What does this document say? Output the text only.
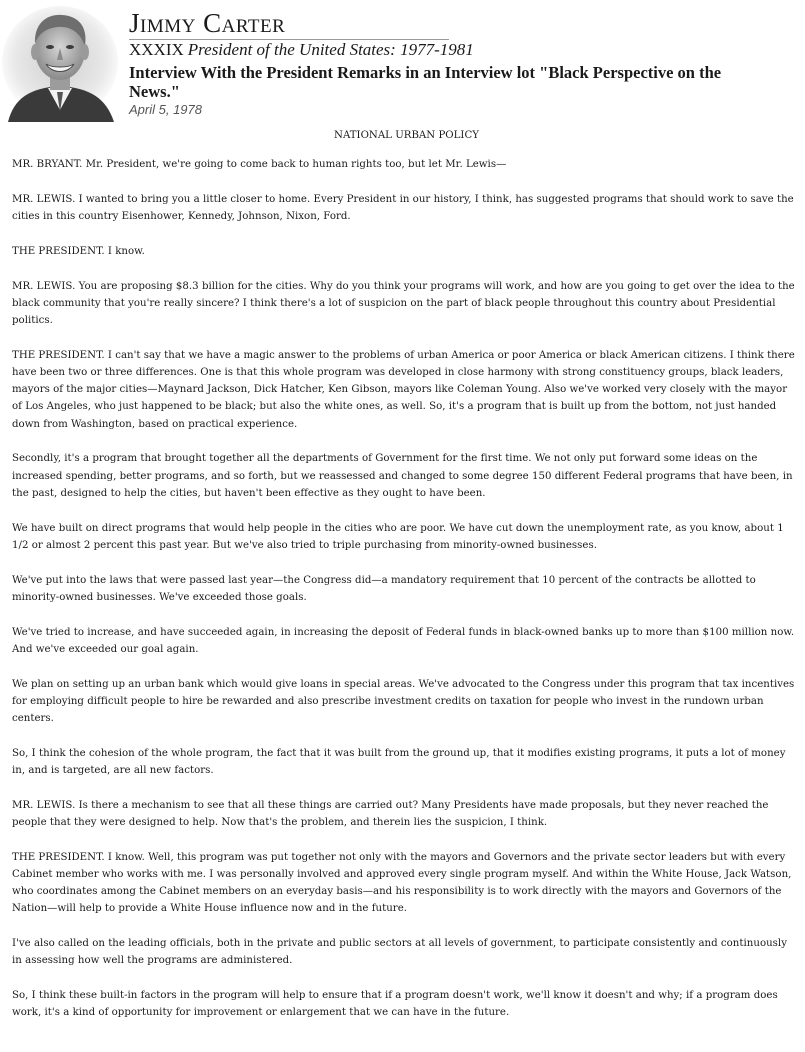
Jimmy Carter
XXXIX President of the United States: 1977-1981
Interview With the President Remarks in an Interview lot "Black Perspective on the News."
April 5, 1978
NATIONAL URBAN POLICY

MR. BRYANT. Mr. President, we're going to come back to human rights too, but let Mr. Lewis—

MR. LEWIS. I wanted to bring you a little closer to home. Every President in our history, I think, has suggested programs that should work to save the cities in this country Eisenhower, Kennedy, Johnson, Nixon, Ford.

THE PRESIDENT. I know.

MR. LEWIS. You are proposing $8.3 billion for the cities. Why do you think your programs will work, and how are you going to get over the idea to the black community that you're really sincere? I think there's a lot of suspicion on the part of black people throughout this country about Presidential politics.

THE PRESIDENT. I can't say that we have a magic answer to the problems of urban America or poor America or black American citizens. I think there have been two or three differences. One is that this whole program was developed in close harmony with strong constituency groups, black leaders, mayors of the major cities—Maynard Jackson, Dick Hatcher, Ken Gibson, mayors like Coleman Young. Also we've worked very closely with the mayor of Los Angeles, who just happened to be black; but also the white ones, as well. So, it's a program that is built up from the bottom, not just handed down from Washington, based on practical experience.

Secondly, it's a program that brought together all the departments of Government for the first time. We not only put forward some ideas on the increased spending, better programs, and so forth, but we reassessed and changed to some degree 150 different Federal programs that have been, in the past, designed to help the cities, but haven't been effective as they ought to have been.

We have built on direct programs that would help people in the cities who are poor. We have cut down the unemployment rate, as you know, about 1 1/2 or almost 2 percent this past year. But we've also tried to triple purchasing from minority-owned businesses.

We've put into the laws that were passed last year—the Congress did—a mandatory requirement that 10 percent of the contracts be allotted to minority-owned businesses. We've exceeded those goals.

We've tried to increase, and have succeeded again, in increasing the deposit of Federal funds in black-owned banks up to more than $100 million now. And we've exceeded our goal again.

We plan on setting up an urban bank which would give loans in special areas. We've advocated to the Congress under this program that tax incentives for employing difficult people to hire be rewarded and also prescribe investment credits on taxation for people who invest in the rundown urban centers.

So, I think the cohesion of the whole program, the fact that it was built from the ground up, that it modifies existing programs, it puts a lot of money in, and is targeted, are all new factors.

MR. LEWIS. Is there a mechanism to see that all these things are carried out? Many Presidents have made proposals, but they never reached the people that they were designed to help. Now that's the problem, and therein lies the suspicion, I think.

THE PRESIDENT. I know. Well, this program was put together not only with the mayors and Governors and the private sector leaders but with every Cabinet member who works with me. I was personally involved and approved every single program myself. And within the White House, Jack Watson, who coordinates among the Cabinet members on an everyday basis—and his responsibility is to work directly with the mayors and Governors of the Nation—will help to provide a White House influence now and in the future.

I've also called on the leading officials, both in the private and public sectors at all levels of government, to participate consistently and continuously in assessing how well the programs are administered.

So, I think these built-in factors in the program will help to ensure that if a program doesn't work, we'll know it doesn't and why; if a program does work, it's a kind of opportunity for improvement or enlargement that we can have in the future.
